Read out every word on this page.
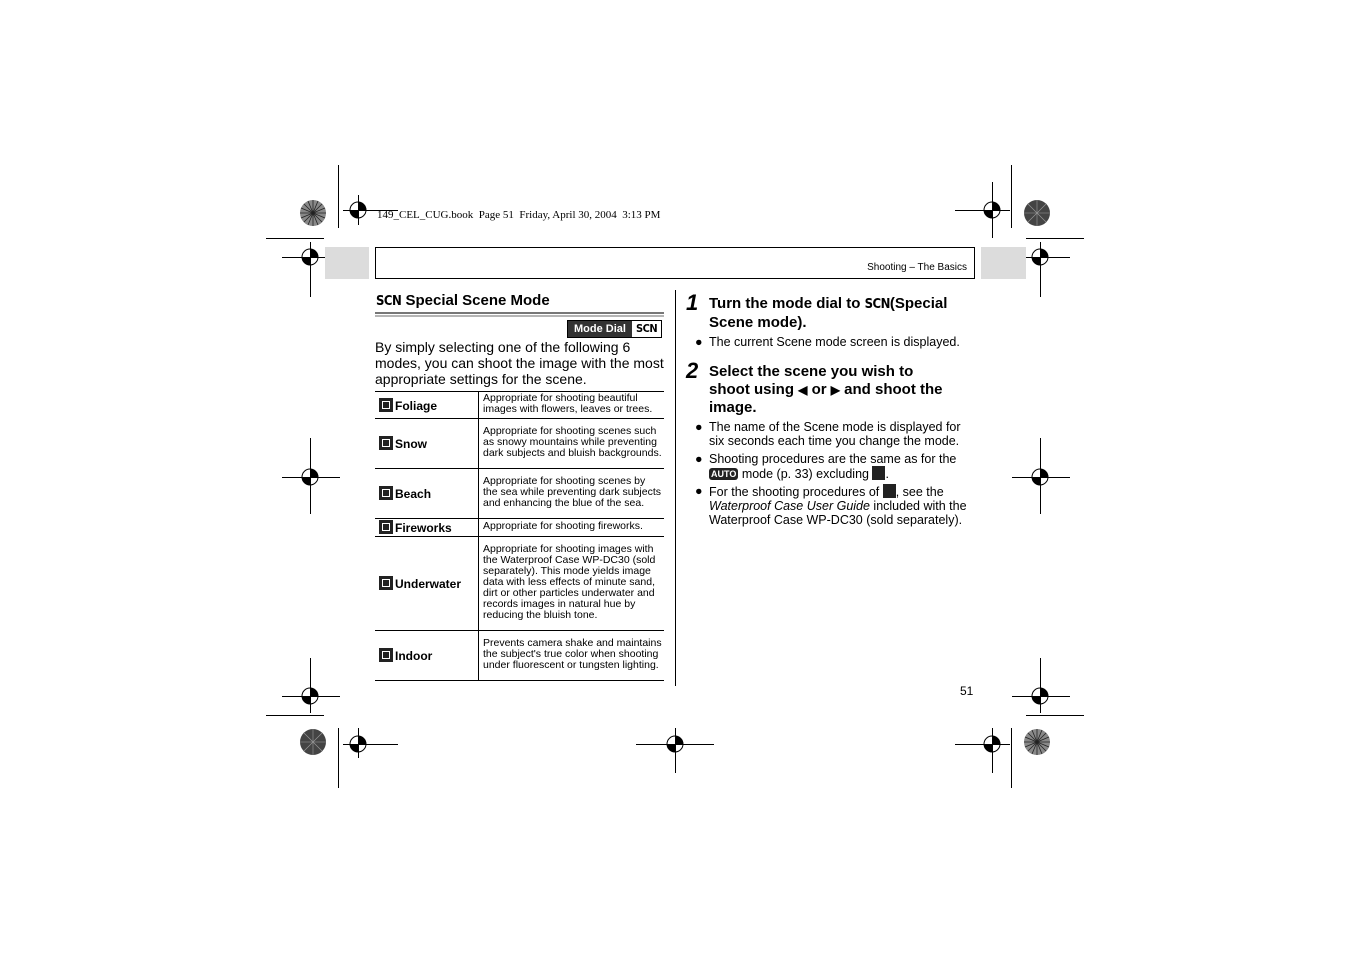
149_CEL_CUG.book  Page 51  Friday, April 30, 2004  3:13 PM
Shooting – The Basics
SCN Special Scene Mode
Mode Dial SCN
By simply selecting one of the following 6 modes, you can shoot the image with the most appropriate settings for the scene.
Foliage	Appropriate for shooting beautiful images with flowers, leaves or trees.
Snow	Appropriate for shooting scenes such as snowy mountains while preventing dark subjects and bluish backgrounds.
Beach	Appropriate for shooting scenes by the sea while preventing dark subjects and enhancing the blue of the sea.
Fireworks	Appropriate for shooting fireworks.
Underwater	Appropriate for shooting images with the Waterproof Case WP-DC30 (sold separately). This mode yields image data with less effects of minute sand, dirt or other particles underwater and records images in natural hue by reducing the bluish tone.
Indoor	Prevents camera shake and maintains the subject's true color when shooting under fluorescent or tungsten lighting.
1 Turn the mode dial to SCN(Special
Scene mode).
● The current Scene mode screen is displayed.
2 Select the scene you wish to
shoot using ◀ or ▶ and shoot the
image.
● The name of the Scene mode is displayed for six seconds each time you change the mode.
● Shooting procedures are the same as for the
AUTO mode (p. 33) excluding .
● For the shooting procedures of , see the Waterproof Case User Guide included with the Waterproof Case WP-DC30 (sold separately).
51
